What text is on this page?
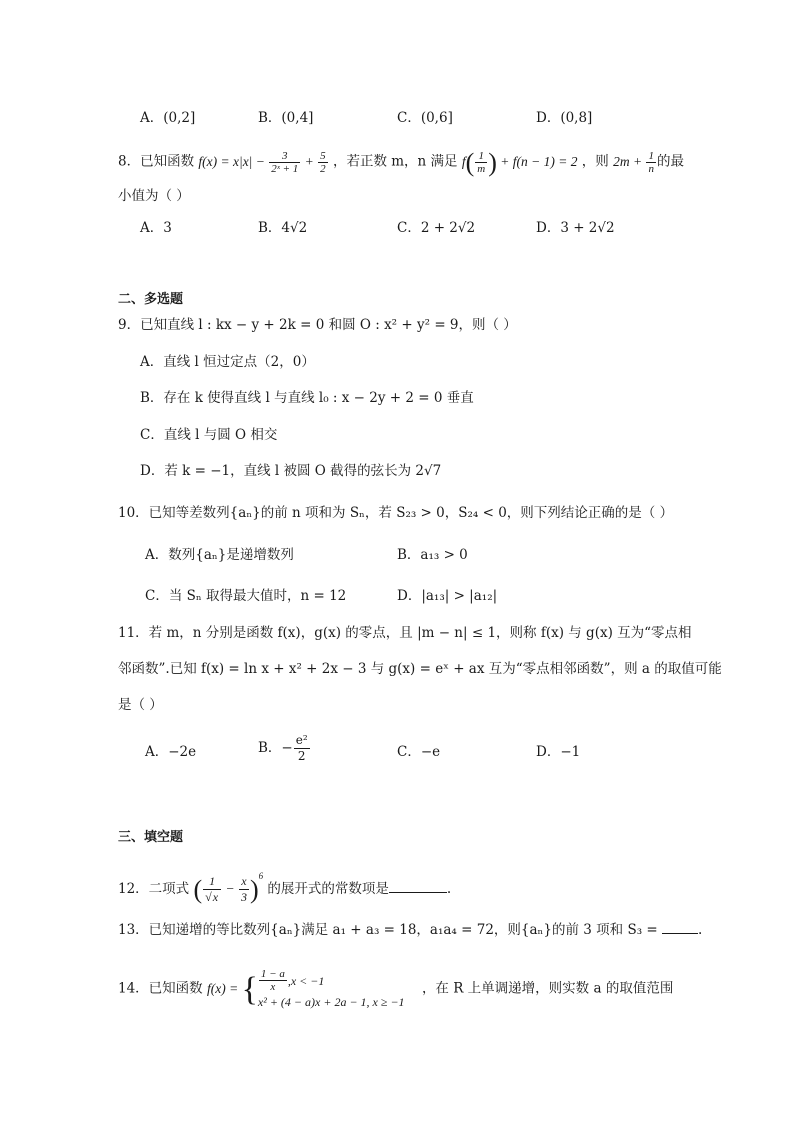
A．(0,2]	B．(0,4]	C．(0,6]	D．(0,8]
8．已知函数 $f(x) = x|x| - \frac{3}{\text{2ˣ + 1}} + \frac{5}{2}$ ，若正数 m，n 满足 $f( \frac{1}{m}$ ) + f(n − 1) = 2 ，则 $2m + \frac{1}{n}$ 的最
小值为（ ）
A．3	B．4√2	C．2 + 2√2	D．3 + 2√2
二、多选题
9．已知直线 l : kx − y + 2k = 0 和圆 O : x² + y² = 9，则（ ）
A．直线 l 恒过定点（2，0）
B．存在 k 使得直线 l 与直线 l₀ : x − 2y + 2 = 0 垂直
C．直线 l 与圆 O 相交
D．若 k = −1，直线 l 被圆 O 截得的弦长为 2√7
10．已知等差数列{aₙ}的前 n 项和为 Sₙ，若 S₂₃ > 0，S₂₄ < 0，则下列结论正确的是（ ）
A．数列{aₙ}是递增数列	B．a₁₃ > 0
C．当 Sₙ 取得最大值时，n = 12	D．|a₁₃| > |a₁₂|
11．若 m，n 分别是函数 f(x)，g(x) 的零点，且 |m − n| ≤ 1，则称 f(x) 与 g(x) 互为“零点相
邻函数”.已知 f(x) = ln x + x² + 2x − 3 与 g(x) = eˣ + ax 互为“零点相邻函数”，则 a 的取值可能
是（ ）
A．−2e	B．− $\frac{\text{e²}}{2}$	C．−e	D．−1
三、填空题
12．二项式 ( $\frac{1}{√x} - \frac{x}{3} )^6$ 的展开式的常数项是	.
13．已知递增的等比数列{aₙ}满足 a₁ + a₃ = 18，a₁a₄ = 72，则{aₙ}的前 3 项和 S₃ =	.
14．已知函数 f(x) = { $\frac{1 - a}{x}$ , x < −1
x² + (4 − a)x + 2a − 1, x ≥ −1
，在 R 上单调递增，则实数 a 的取值范围
